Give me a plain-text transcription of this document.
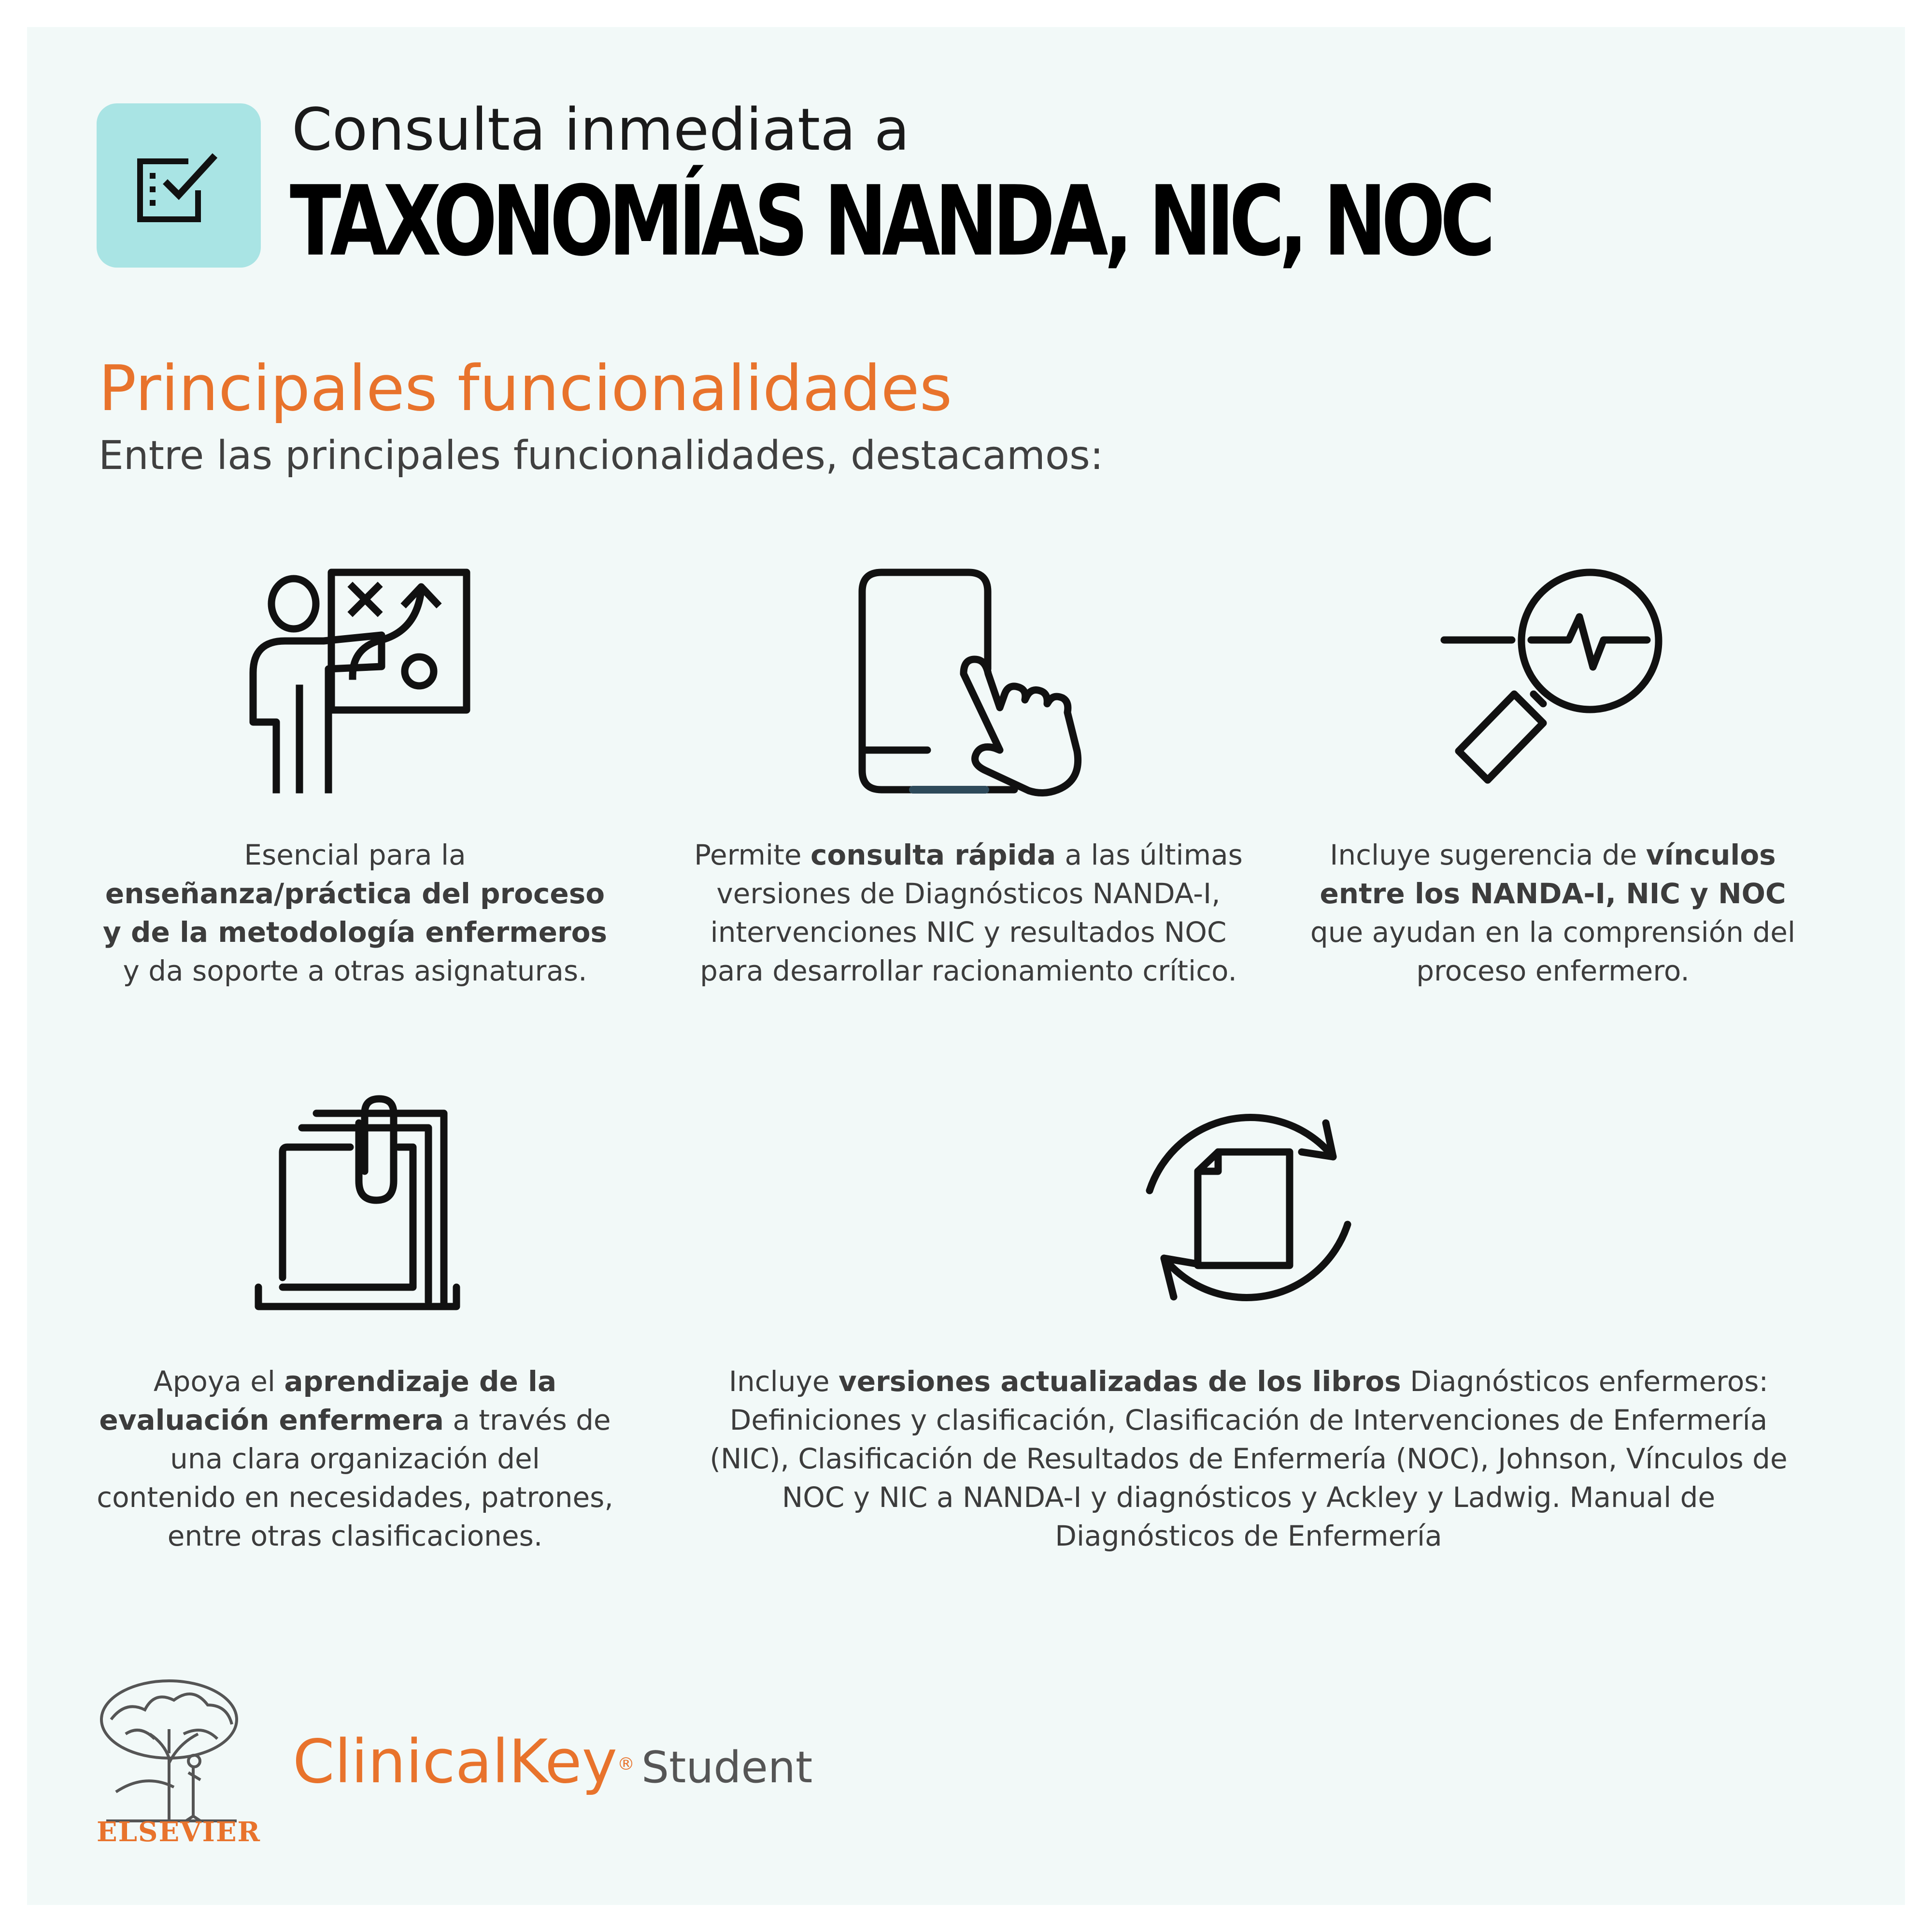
Consulta inmediata a
TAXONOMÍAS NANDA, NIC, NOC
Principales funcionalidades
Entre las principales funcionalidades, destacamos:
Esencial para la enseñanza/práctica del proceso y de la metodología enfermeros y da soporte a otras asignaturas.
Permite consulta rápida a las últimas versiones de Diagnósticos NANDA-I, intervenciones NIC y resultados NOC para desarrollar racionamiento crítico.
Incluye sugerencia de vínculos entre los NANDA-I, NIC y NOC que ayudan en la comprensión del proceso enfermero.
Apoya el aprendizaje de la evaluación enfermera a través de una clara organización del contenido en necesidades, patrones, entre otras clasificaciones.
Incluye versiones actualizadas de los libros Diagnósticos enfermeros: Definiciones y clasificación, Clasificación de Intervenciones de Enfermería (NIC), Clasificación de Resultados de Enfermería (NOC), Johnson, Vínculos de NOC y NIC a NANDA-I y diagnósticos y Ackley y Ladwig. Manual de Diagnósticos de Enfermería
ELSEVIER
ClinicalKey® Student
